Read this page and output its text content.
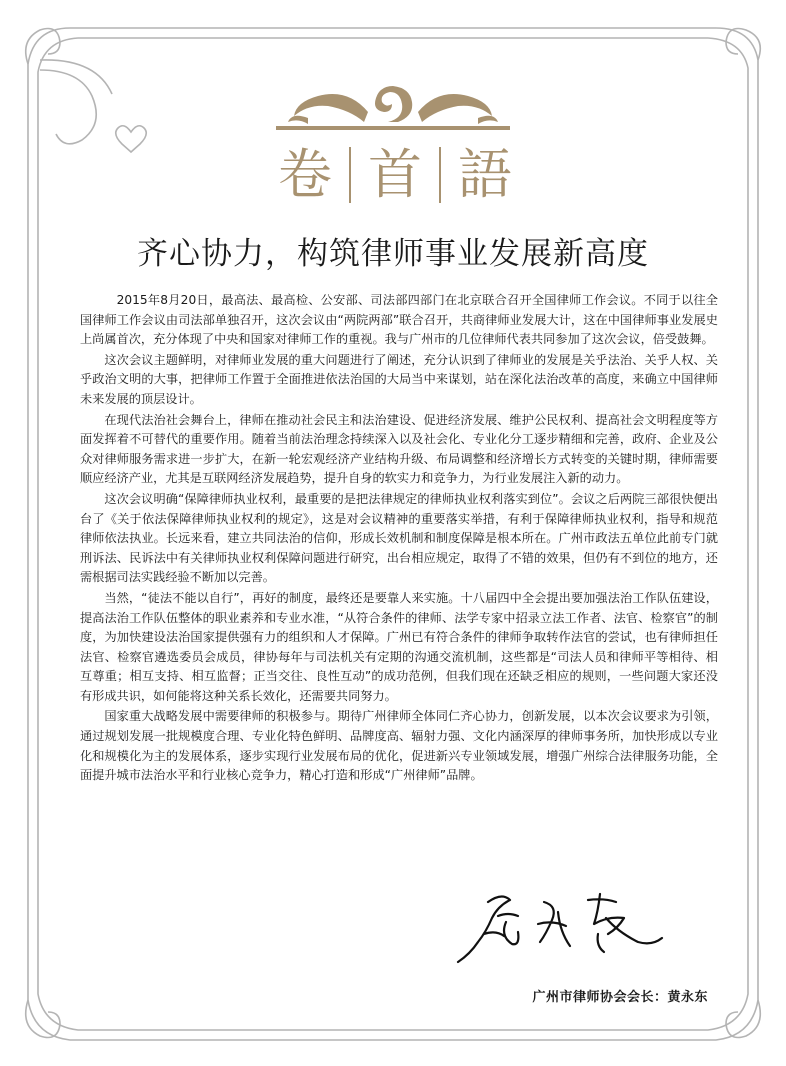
卷 首 語
齐心协力，构筑律师事业发展新高度

2015年8月20日，最高法、最高检、公安部、司法部四部门在北京联合召开全国律师工作会议。不同于以往全国律师工作会议由司法部单独召开，这次会议由“两院两部”联合召开，共商律师业发展大计，这在中国律师事业发展史上尚属首次，充分体现了中央和国家对律师工作的重视。我与广州市的几位律师代表共同参加了这次会议，倍受鼓舞。

这次会议主题鲜明，对律师业发展的重大问题进行了阐述，充分认识到了律师业的发展是关乎法治、关乎人权、关乎政治文明的大事，把律师工作置于全面推进依法治国的大局当中来谋划，站在深化法治改革的高度，来确立中国律师未来发展的顶层设计。

在现代法治社会舞台上，律师在推动社会民主和法治建设、促进经济发展、维护公民权利、提高社会文明程度等方面发挥着不可替代的重要作用。随着当前法治理念持续深入以及社会化、专业化分工逐步精细和完善，政府、企业及公众对律师服务需求进一步扩大，在新一轮宏观经济产业结构升级、布局调整和经济增长方式转变的关键时期，律师需要顺应经济产业，尤其是互联网经济发展趋势，提升自身的软实力和竞争力，为行业发展注入新的动力。

这次会议明确“保障律师执业权利，最重要的是把法律规定的律师执业权利落实到位”。会议之后两院三部很快便出台了《关于依法保障律师执业权利的规定》，这是对会议精神的重要落实举措，有利于保障律师执业权利，指导和规范律师依法执业。长远来看，建立共同法治的信仰，形成长效机制和制度保障是根本所在。广州市政法五单位此前专门就刑诉法、民诉法中有关律师执业权利保障问题进行研究，出台相应规定，取得了不错的效果，但仍有不到位的地方，还需根据司法实践经验不断加以完善。

当然，“徒法不能以自行”，再好的制度，最终还是要靠人来实施。十八届四中全会提出要加强法治工作队伍建设，提高法治工作队伍整体的职业素养和专业水准，“从符合条件的律师、法学专家中招录立法工作者、法官、检察官”的制度，为加快建设法治国家提供强有力的组织和人才保障。广州已有符合条件的律师争取转作法官的尝试，也有律师担任法官、检察官遴选委员会成员，律协每年与司法机关有定期的沟通交流机制，这些都是“司法人员和律师平等相待、相互尊重；相互支持、相互监督；正当交往、良性互动”的成功范例，但我们现在还缺乏相应的规则，一些问题大家还没有形成共识，如何能将这种关系长效化，还需要共同努力。

国家重大战略发展中需要律师的积极参与。期待广州律师全体同仁齐心协力，创新发展，以本次会议要求为引领，通过规划发展一批规模度合理、专业化特色鲜明、品牌度高、辐射力强、文化内涵深厚的律师事务所，加快形成以专业化和规模化为主的发展体系，逐步实现行业发展布局的优化，促进新兴专业领域发展，增强广州综合法律服务功能，全面提升城市法治水平和行业核心竞争力，精心打造和形成“广州律师”品牌。

广州市律师协会会长：黄永东
